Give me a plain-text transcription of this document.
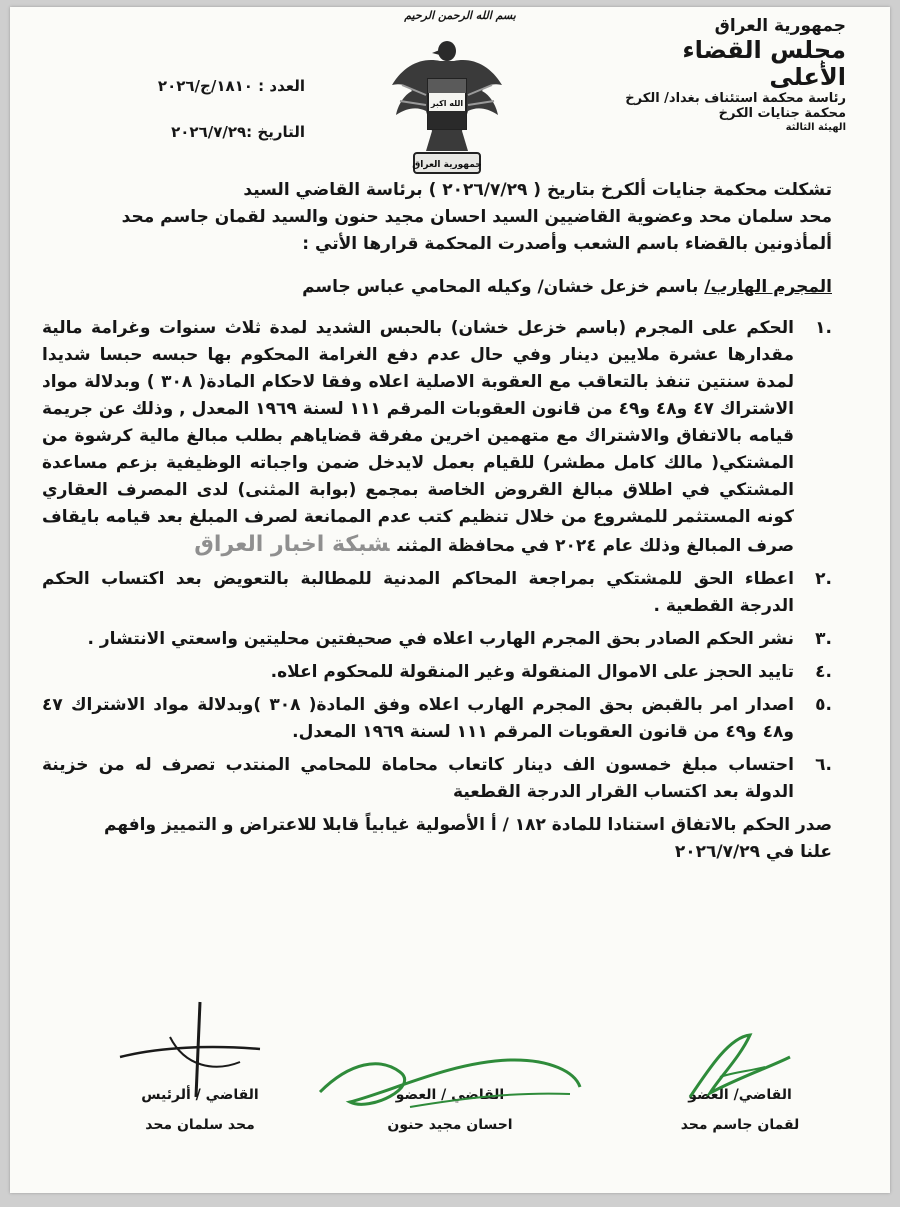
جمهورية العراق
مجلس القضاء الأعلى
رئاسة محكمة استئناف بغداد/ الكرخ
محكمة جنايات الكرخ
الهيئة الثالثة
بسم الله الرحمن الرحيم
الله اكبر
جمهورية العراق
العدد : ١٨١٠/ج/٢٠٢٦
التاريخ :٢٠٢٦/٧/٢٩

تشكلت محكمة جنايات ألكرخ بتاريخ ( ٢٠٢٦/٧/٢٩ ) برئاسة القاضي السيد

محد سلمان محد وعضوية القاضيين السيد احسان مجيد حنون والسيد لقمان جاسم محد

ألمأذونين بالقضاء باسم الشعب وأصدرت المحكمة قرارها الأتي :

المجرم الهارب/ باسم خزعل خشان/ وكيله المحامي عباس جاسم

.١
الحكم على المجرم (باسم خزعل خشان) بالحبس الشديد لمدة ثلاث سنوات وغرامة مالية مقدارها عشرة ملايين دينار وفي حال عدم دفع الغرامة المحكوم بها حبسه حبسا شديدا لمدة سنتين تنفذ بالتعاقب مع العقوبة الاصلية اعلاه وفقا لاحكام المادة( ٣٠٨ ) وبدلالة مواد الاشتراك ٤٧ و٤٨ و٤٩ من قانون العقوبات المرقم ١١١ لسنة ١٩٦٩ المعدل , وذلك عن جريمة قيامه بالاتفاق والاشتراك مع متهمين اخرين مفرقة قضاياهم بطلب مبالغ مالية كرشوة من المشتكي( مالك كامل مطشر) للقيام بعمل لايدخل ضمن واجباته الوظيفية بزعم مساعدة المشتكي في اطلاق مبالغ القروض الخاصة بمجمع (بوابة المثنى) لدى المصرف العقاري كونه المستثمر للمشروع من خلال تنظيم كتب عدم الممانعة لصرف المبلغ بعد قيامه بايقاف صرف المبالغ وذلك عام ٢٠٢٤ في محافظة المثنىشبكة اخبار العراق
.٢
اعطاء الحق للمشتكي بمراجعة المحاكم المدنية للمطالبة بالتعويض بعد اكتساب الحكم الدرجة القطعية .
.٣
نشر الحكم الصادر بحق المجرم الهارب اعلاه في صحيفتين محليتين واسعتي الانتشار .
.٤
تاييد الحجز على الاموال المنقولة وغير المنقولة للمحكوم اعلاه.
.٥
اصدار امر بالقبض بحق المجرم الهارب اعلاه وفق المادة( ٣٠٨ )وبدلالة مواد الاشتراك ٤٧ و٤٨ و٤٩ من قانون العقوبات المرقم ١١١ لسنة ١٩٦٩ المعدل.
.٦
احتساب مبلغ خمسون الف دينار كاتعاب محاماة للمحامي المنتدب تصرف له من خزينة الدولة بعد اكتساب القرار الدرجة القطعية

صدر الحكم بالاتفاق استنادا للمادة ١٨٢ / أ الأصولية غيابياً قابلا للاعتراض و التمييز وافهم

علنا في ٢٠٢٦/٧/٢٩

القاضي/ العضو
لقمان جاسم محد
القاضي / العضو
احسان مجيد حنون
القاضي / ألرئيس
محد سلمان محد
